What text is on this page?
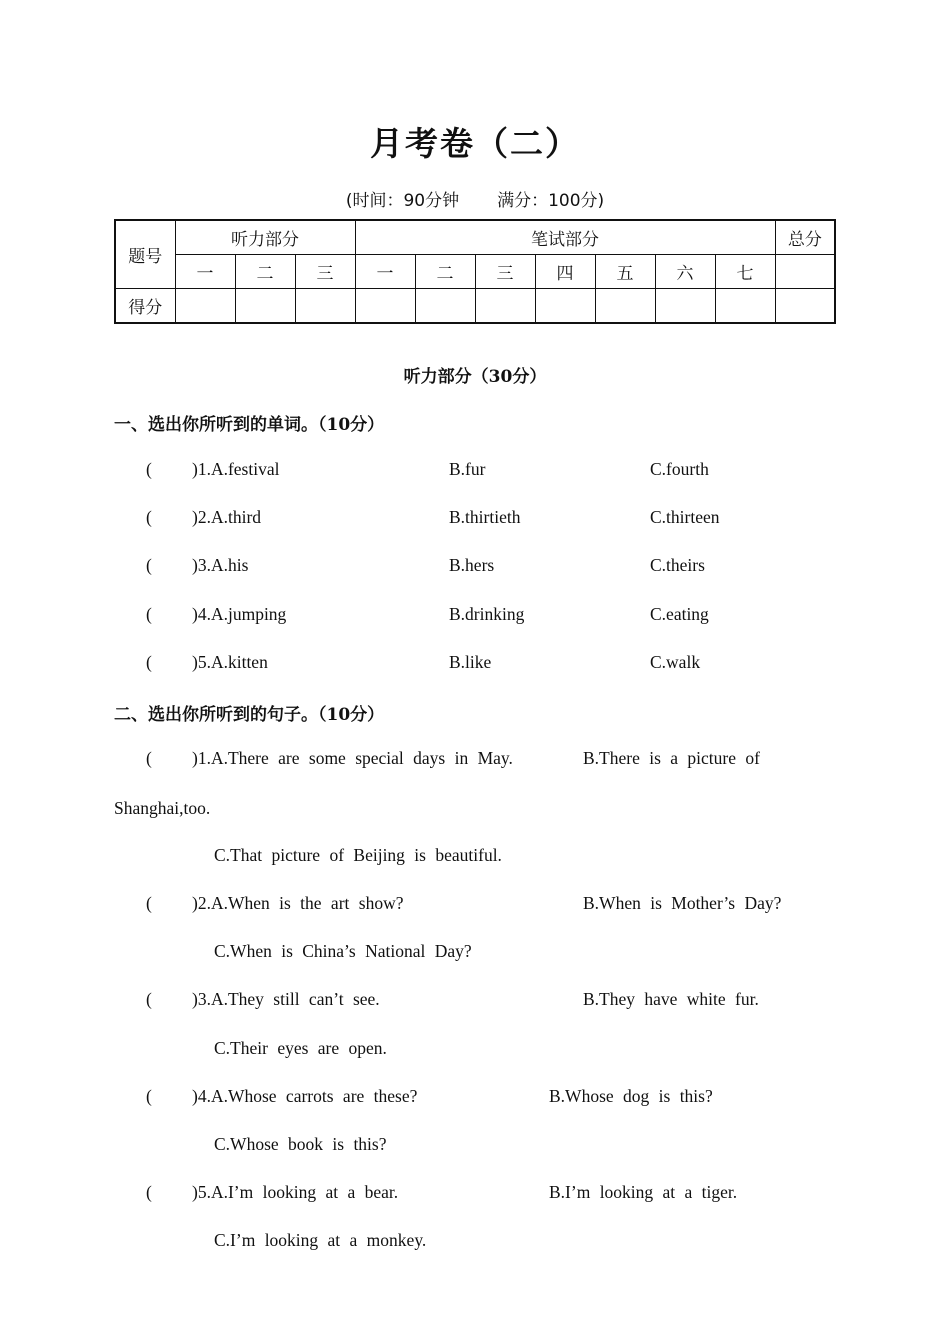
月考卷（二）
(时间：90分钟 满分：100分)
题号	听力部分			笔试部分							总分
	一	二	三	一	二	三	四	五	六	七	
得分											
听力部分（30分）
一、选出你所听到的单词。（10分）
( )1.A.festival	B.fur	C.fourth
( )2.A.third	B.thirtieth	C.thirteen
( )3.A.his	B.hers	C.theirs
( )4.A.jumping	B.drinking	C.eating
( )5.A.kitten	B.like	C.walk
二、选出你所听到的句子。（10分）
( )1.A.There are some special days in May.	B.There is a picture of
Shanghai,too.
C.That picture of Beijing is beautiful.
( )2.A.When is the art show?	B.When is Mother’s Day?
C.When is China’s National Day?
( )3.A.They still can’t see.	B.They have white fur.
C.Their eyes are open.
( )4.A.Whose carrots are these?	B.Whose dog is this?
C.Whose book is this?
( )5.A.I’m looking at a bear.	B.I’m looking at a tiger.
C.I’m looking at a monkey.
